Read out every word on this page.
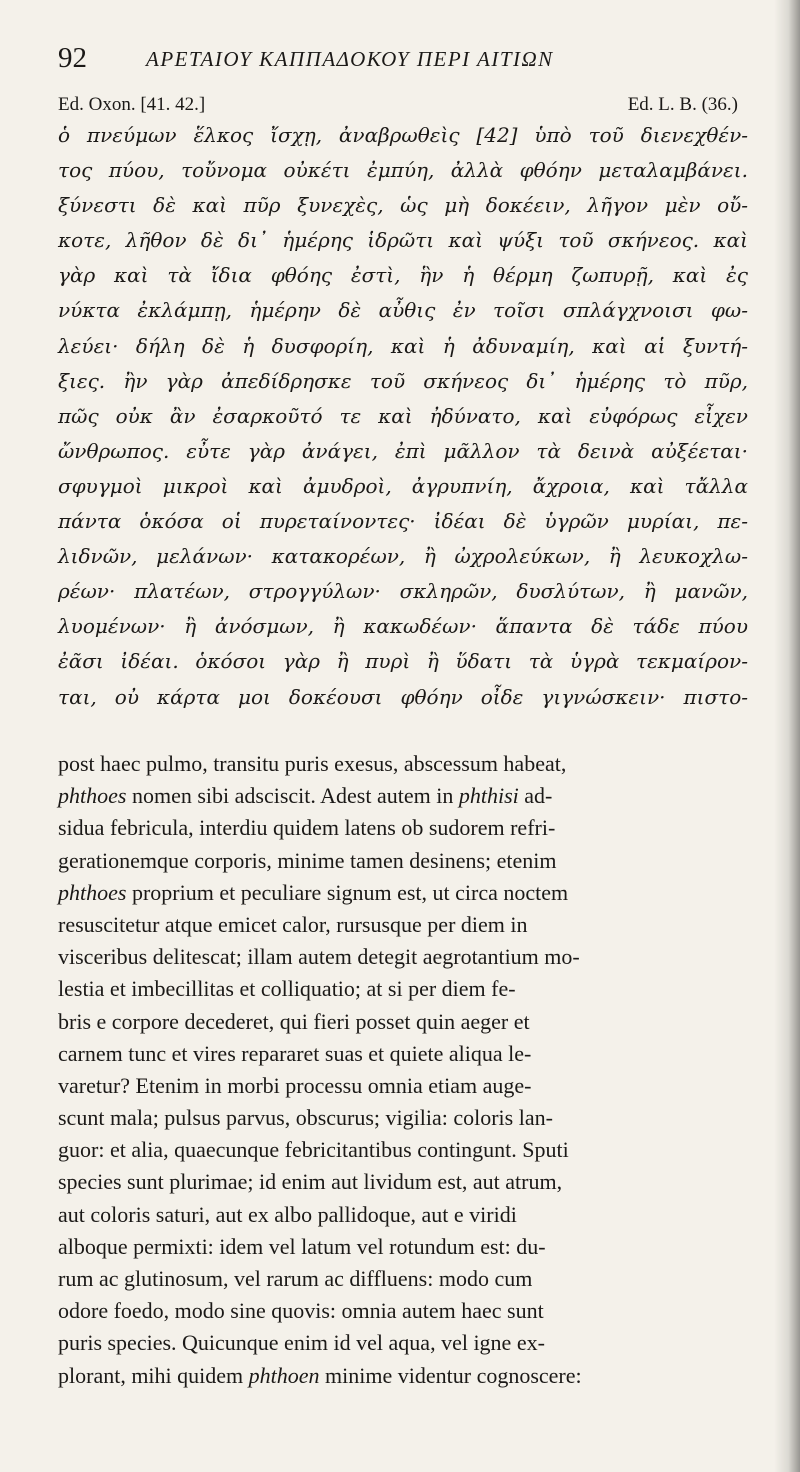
92	ΑΡΕΤΑΙΟΥ ΚΑΠΠΑΔΟΚΟΥ ΠΕΡΙ ΑΙΤΙΩΝ
Ed. Oxon. [41. 42.]	Ed. L. B. (36.)
ὁ πνεύμων ἕλκος ἴσχῃ, ἀναβρωθεὶς [42] ὑπὸ τοῦ διενεχθέν-
τος πύου, τοὔνομα οὐκέτι ἐμπύη, ἀλλὰ φθόην μεταλαμβάνει.
ξύνεστι δὲ καὶ πῦρ ξυνεχὲς, ὡς μὴ δοκέειν, λῆγον μὲν οὔ-
κοτε, λῆθον δὲ δι᾽ ἡμέρης ἱδρῶτι καὶ ψύξι τοῦ σκήνεος. καὶ
γὰρ καὶ τὰ ἴδια φθόης ἐστὶ, ἣν ἡ θέρμη ζωπυρῇ, καὶ ἐς
νύκτα ἐκλάμπῃ, ἡμέρην δὲ αὖθις ἐν τοῖσι σπλάγχνοισι φω-
λεύει· δήλη δὲ ἡ δυσφορίη, καὶ ἡ ἀδυναμίη, καὶ αἱ ξυντή-
ξιες. ἢν γὰρ ἀπεδίδρησκε τοῦ σκήνεος δι᾽ ἡμέρης τὸ πῦρ,
πῶς οὐκ ἂν ἐσαρκοῦτό τε καὶ ἠδύνατο, καὶ εὐφόρως εἶχεν
ὤνθρωπος. εὖτε γὰρ ἀνάγει, ἐπὶ μᾶλλον τὰ δεινὰ αὐξέεται·
σφυγμοὶ μικροὶ καὶ ἀμυδροὶ, ἀγρυπνίη, ἄχροια, καὶ τἄλλα
πάντα ὁκόσα οἱ πυρεταίνοντες· ἰδέαι δὲ ὑγρῶν μυρίαι, πε-
λιδνῶν, μελάνων· κατακορέων, ἢ ὠχρολεύκων, ἢ λευκοχλω-
ρέων· πλατέων, στρογγύλων· σκληρῶν, δυσλύτων, ἢ μανῶν,
λυομένων· ἢ ἀνόσμων, ἢ κακωδέων· ἅπαντα δὲ τάδε πύου
ἐᾶσι ἰδέαι. ὁκόσοι γὰρ ἢ πυρὶ ἢ ὕδατι τὰ ὑγρὰ τεκμαίρον-
ται, οὐ κάρτα μοι δοκέουσι φθόην οἶδε γιγνώσκειν· πιστο-
post haec pulmo, transitu puris exesus, abscessum habeat,
phthoes nomen sibi adsciscit. Adest autem in phthisi ad-
sidua febricula, interdiu quidem latens ob sudorem refri-
gerationemque corporis, minime tamen desinens; etenim
phthoes proprium et peculiare signum est, ut circa noctem
resuscitetur atque emicet calor, rursusque per diem in
visceribus delitescat; illam autem detegit aegrotantium mo-
lestia et imbecillitas et colliquatio; at si per diem fe-
bris e corpore decederet, qui fieri posset quin aeger et
carnem tunc et vires repararet suas et quiete aliqua le-
varetur? Etenim in morbi processu omnia etiam auge-
scunt mala; pulsus parvus, obscurus; vigilia: coloris lan-
guor: et alia, quaecunque febricitantibus contingunt. Sputi
species sunt plurimae; id enim aut lividum est, aut atrum,
aut coloris saturi, aut ex albo pallidoque, aut e viridi
alboque permixti: idem vel latum vel rotundum est: du-
rum ac glutinosum, vel rarum ac diffluens: modo cum
odore foedo, modo sine quovis: omnia autem haec sunt
puris species. Quicunque enim id vel aqua, vel igne ex-
plorant, mihi quidem phthoen minime videntur cognoscere:
